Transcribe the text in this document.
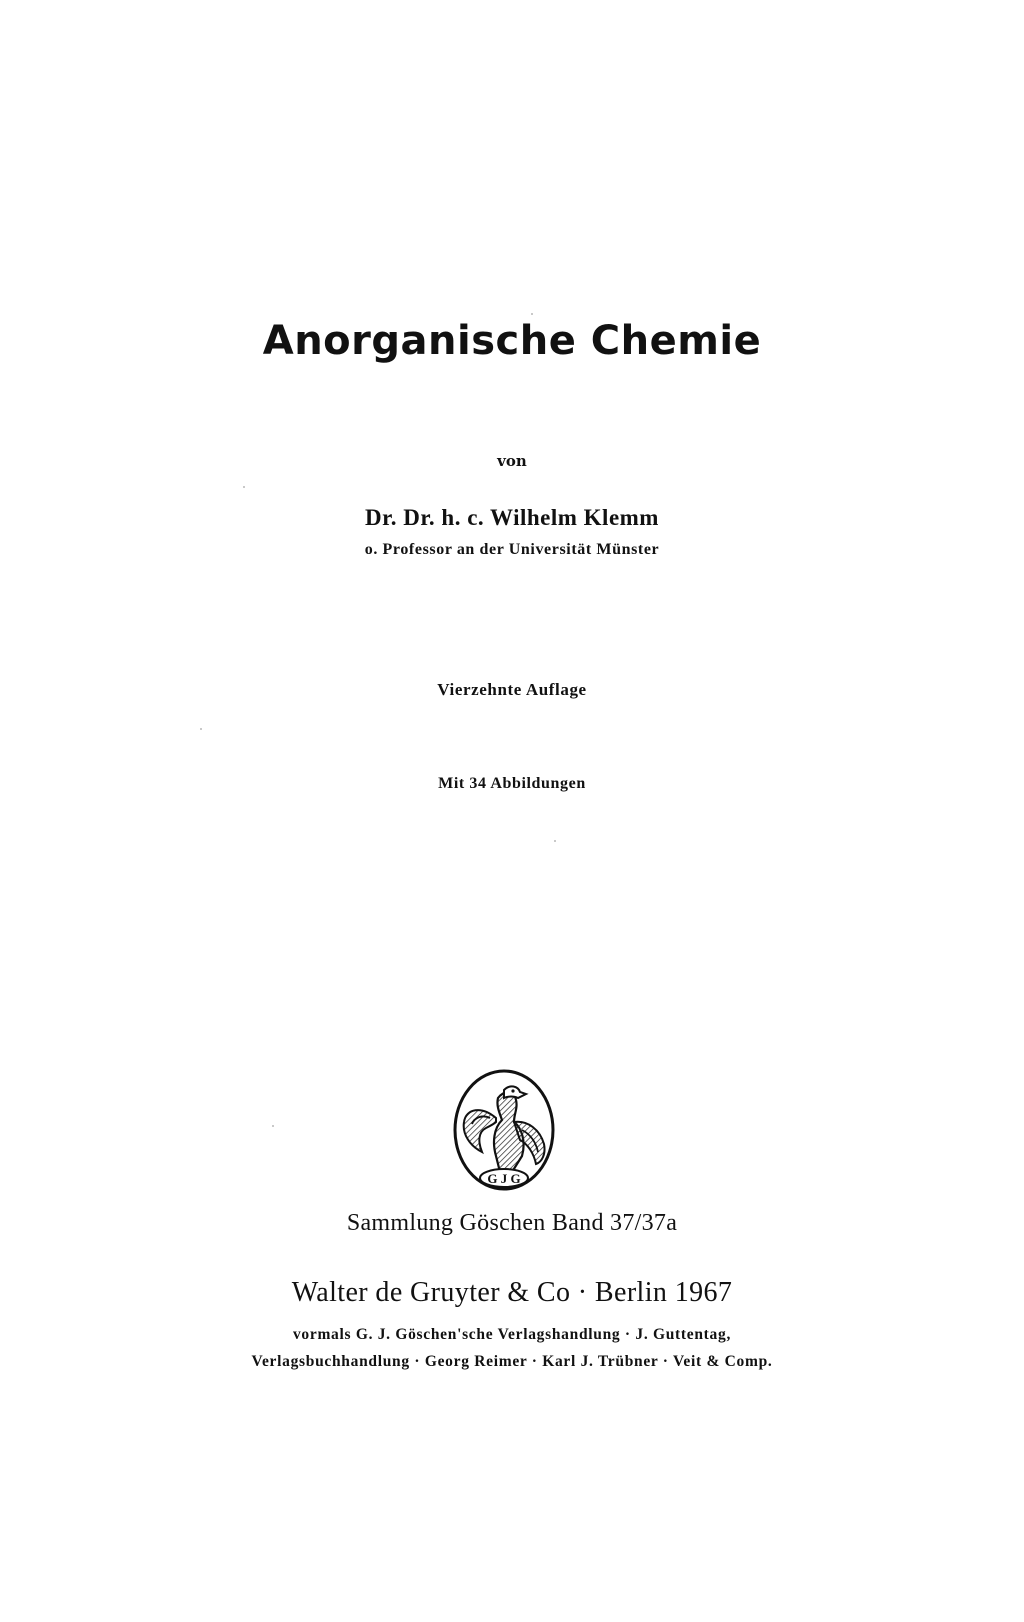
Anorganische Chemie
von
Dr. Dr. h. c. Wilhelm Klemm
o. Professor an der Universität Münster
Vierzehnte Auflage
Mit 34 Abbildungen
G J G
Sammlung Göschen Band 37/37a
Walter de Gruyter & Co · Berlin 1967
vormals G. J. Göschen'sche Verlagshandlung · J. Guttentag,
Verlagsbuchhandlung · Georg Reimer · Karl J. Trübner · Veit & Comp.
